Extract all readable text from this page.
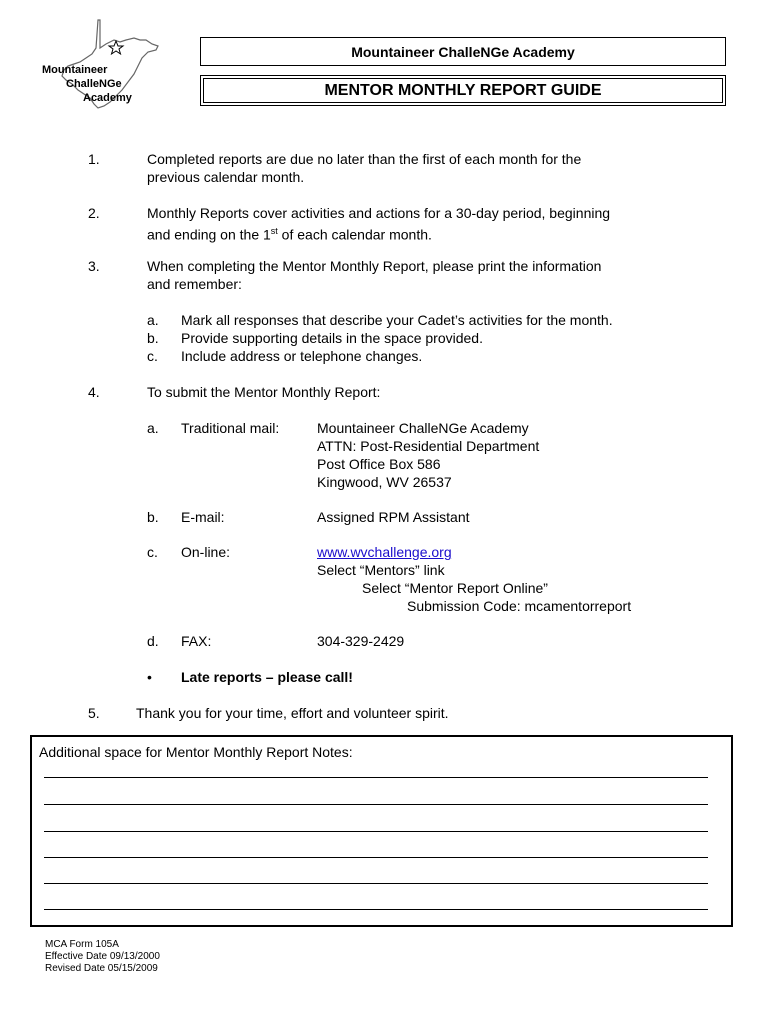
Mountaineer
ChalleNGe
Academy
Mountaineer ChalleNGe Academy
MENTOR MONTHLY REPORT GUIDE
1.	Completed reports are due no later than the first of each month for the
previous calendar month.
2.	Monthly Reports cover activities and actions for a 30-day period, beginning
and ending on the 1st of each calendar month.
3.	When completing the Mentor Monthly Report, please print the information
and remember:
a. Mark all responses that describe your Cadet’s activities for the month.
b. Provide supporting details in the space provided.
c. Include address or telephone changes.
4.	To submit the Mentor Monthly Report:
a. Traditional mail:	Mountaineer ChalleNGe Academy
ATTN: Post-Residential Department
Post Office Box 586
Kingwood, WV 26537
b. E-mail:	Assigned RPM Assistant
c. On-line:	www.wvchallenge.org
Select “Mentors” link
Select “Mentor Report Online”
Submission Code: mcamentorreport
d. FAX:	304-329-2429
• Late reports – please call!
5.	Thank you for your time, effort and volunteer spirit.
Additional space for Mentor Monthly Report Notes:
MCA Form 105A
Effective Date 09/13/2000
Revised Date 05/15/2009
